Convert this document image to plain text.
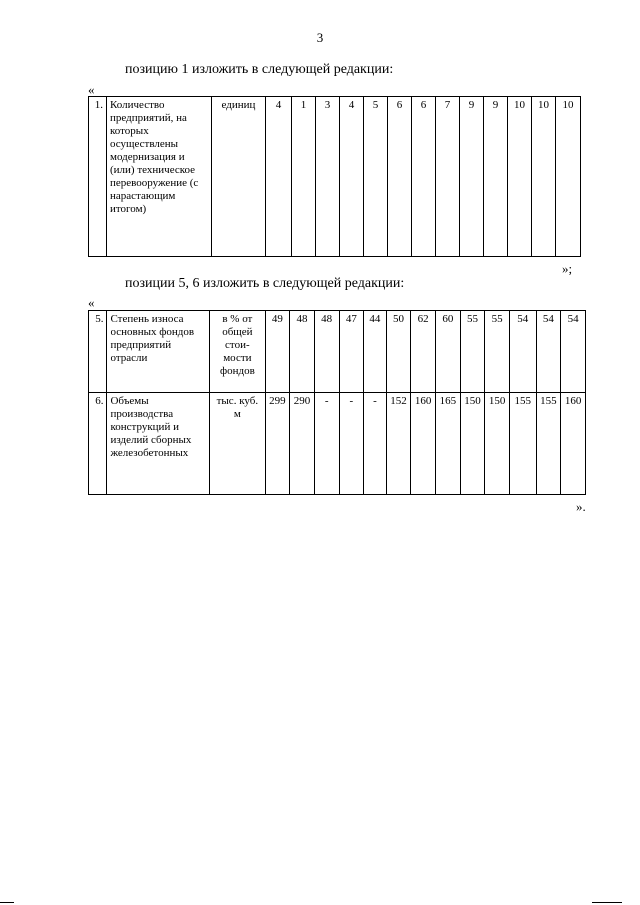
3
позицию 1 изложить в следующей редакции:
«
1.	Количество предприятий, на которых осуществлены модернизация и (или) техническое перевооружение (с нарастающим итогом)	единиц	4	1	3	4	5	6	6	7	9	9	10	10	10
»;
позиции 5, 6 изложить в следующей редакции:
«
5.	Степень износа основных фондов предприятий отрасли	в % от общей стои-мости фондов	49	48	48	47	44	50	62	60	55	55	54	54	54
6.	Объемы производства конструкций и изделий сборных железобетонных	тыс. куб. м	299	290	-	-	-	152	160	165	150	150	155	155	160
».
